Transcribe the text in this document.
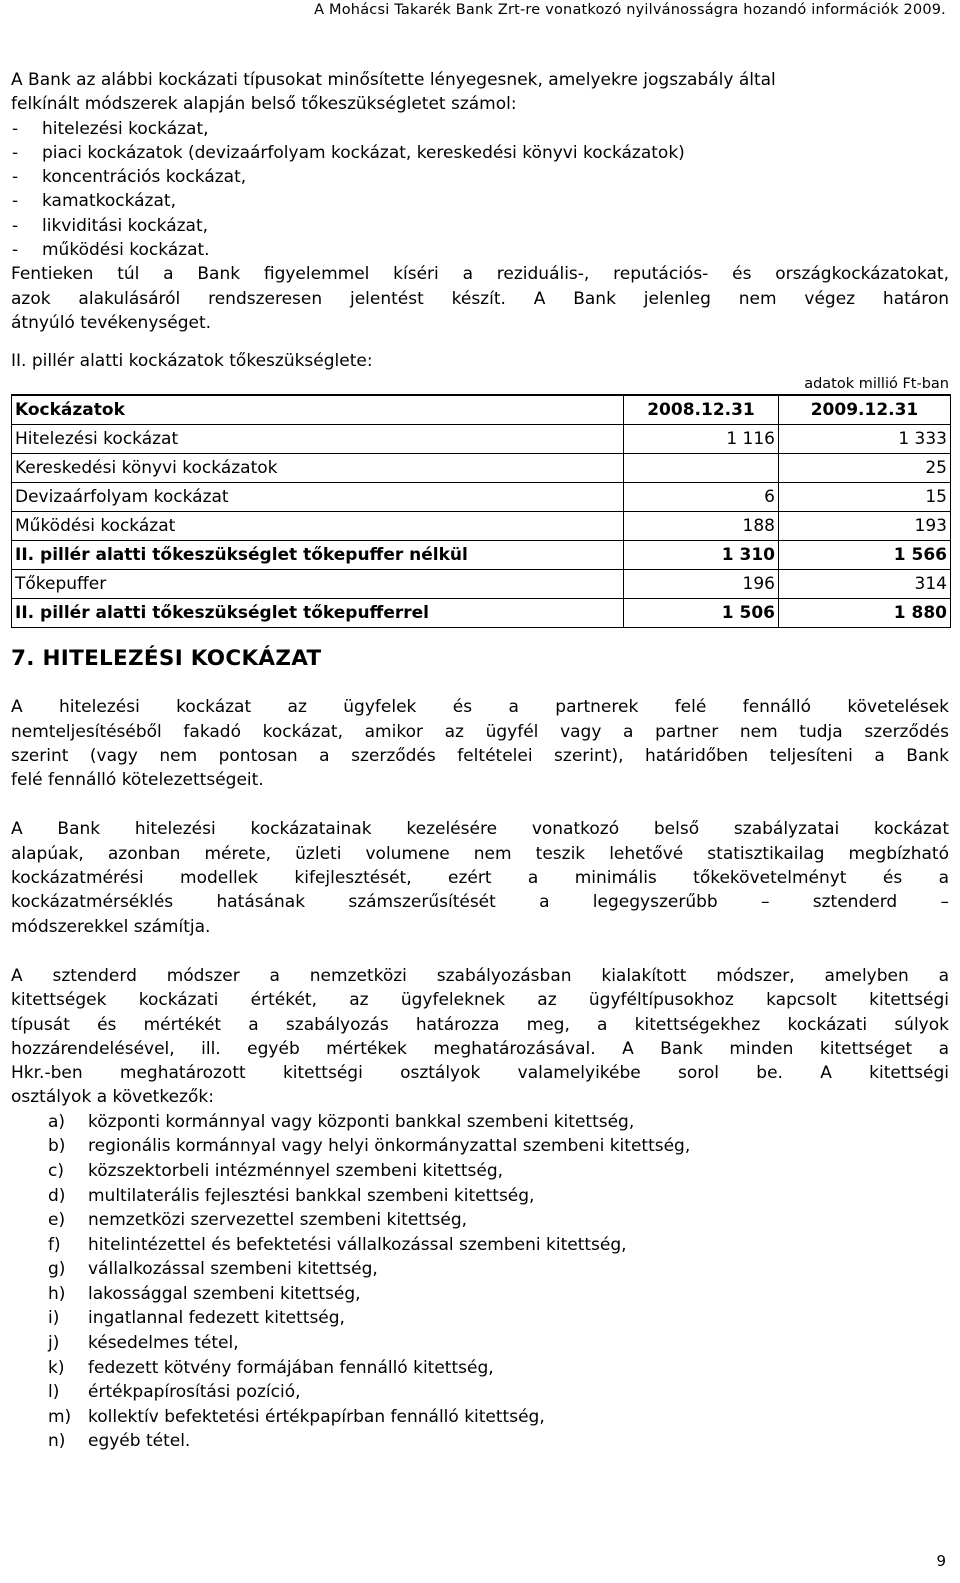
A Mohácsi Takarék Bank Zrt-re vonatkozó nyilvánosságra hozandó információk 2009.
A Bank az alábbi kockázati típusokat minősítette lényegesnek, amelyekre jogszabály által
felkínált módszerek alapján belső tőkeszükségletet számol:
- hitelezési kockázat,
- piaci kockázatok (devizaárfolyam kockázat, kereskedési könyvi kockázatok)
- koncentrációs kockázat,
- kamatkockázat,
- likviditási kockázat,
- működési kockázat.
Fentieken túl a Bank figyelemmel kíséri a reziduális-, reputációs- és országkockázatokat,
azok alakulásáról rendszeresen jelentést készít. A Bank jelenleg nem végez határon
átnyúló tevékenységet.
II. pillér alatti kockázatok tőkeszükséglete:
adatok millió Ft-ban
Kockázatok	2008.12.31	2009.12.31
Hitelezési kockázat	1 116	1 333
Kereskedési könyvi kockázatok		25
Devizaárfolyam kockázat	6	15
Működési kockázat	188	193
II. pillér alatti tőkeszükséglet tőkepuffer nélkül	1 310	1 566
Tőkepuffer	196	314
II. pillér alatti tőkeszükséglet tőkepufferrel	1 506	1 880
7. HITELEZÉSI KOCKÁZAT
A hitelezési kockázat az ügyfelek és a partnerek felé fennálló követelések
nemteljesítéséből fakadó kockázat, amikor az ügyfél vagy a partner nem tudja szerződés
szerint (vagy nem pontosan a szerződés feltételei szerint), határidőben teljesíteni a Bank
felé fennálló kötelezettségeit.
A Bank hitelezési kockázatainak kezelésére vonatkozó belső szabályzatai kockázat
alapúak, azonban mérete, üzleti volumene nem teszik lehetővé statisztikailag megbízható
kockázatmérési modellek kifejlesztését, ezért a minimális tőkekövetelményt és a
kockázatmérséklés hatásának számszerűsítését a legegyszerűbb – sztenderd –
módszerekkel számítja.
A sztenderd módszer a nemzetközi szabályozásban kialakított módszer, amelyben a
kitettségek kockázati értékét, az ügyfeleknek az ügyféltípusokhoz kapcsolt kitettségi
típusát és mértékét a szabályozás határozza meg, a kitettségekhez kockázati súlyok
hozzárendelésével, ill. egyéb mértékek meghatározásával. A Bank minden kitettséget a
Hkr.-ben meghatározott kitettségi osztályok valamelyikébe sorol be. A kitettségi
osztályok a következők:
a) központi kormánnyal vagy központi bankkal szembeni kitettség,
b) regionális kormánnyal vagy helyi önkormányzattal szembeni kitettség,
c) közszektorbeli intézménnyel szembeni kitettség,
d) multilaterális fejlesztési bankkal szembeni kitettség,
e) nemzetközi szervezettel szembeni kitettség,
f) hitelintézettel és befektetési vállalkozással szembeni kitettség,
g) vállalkozással szembeni kitettség,
h) lakossággal szembeni kitettség,
i) ingatlannal fedezett kitettség,
j) késedelmes tétel,
k) fedezett kötvény formájában fennálló kitettség,
l) értékpapírosítási pozíció,
m) kollektív befektetési értékpapírban fennálló kitettség,
n) egyéb tétel.
9
